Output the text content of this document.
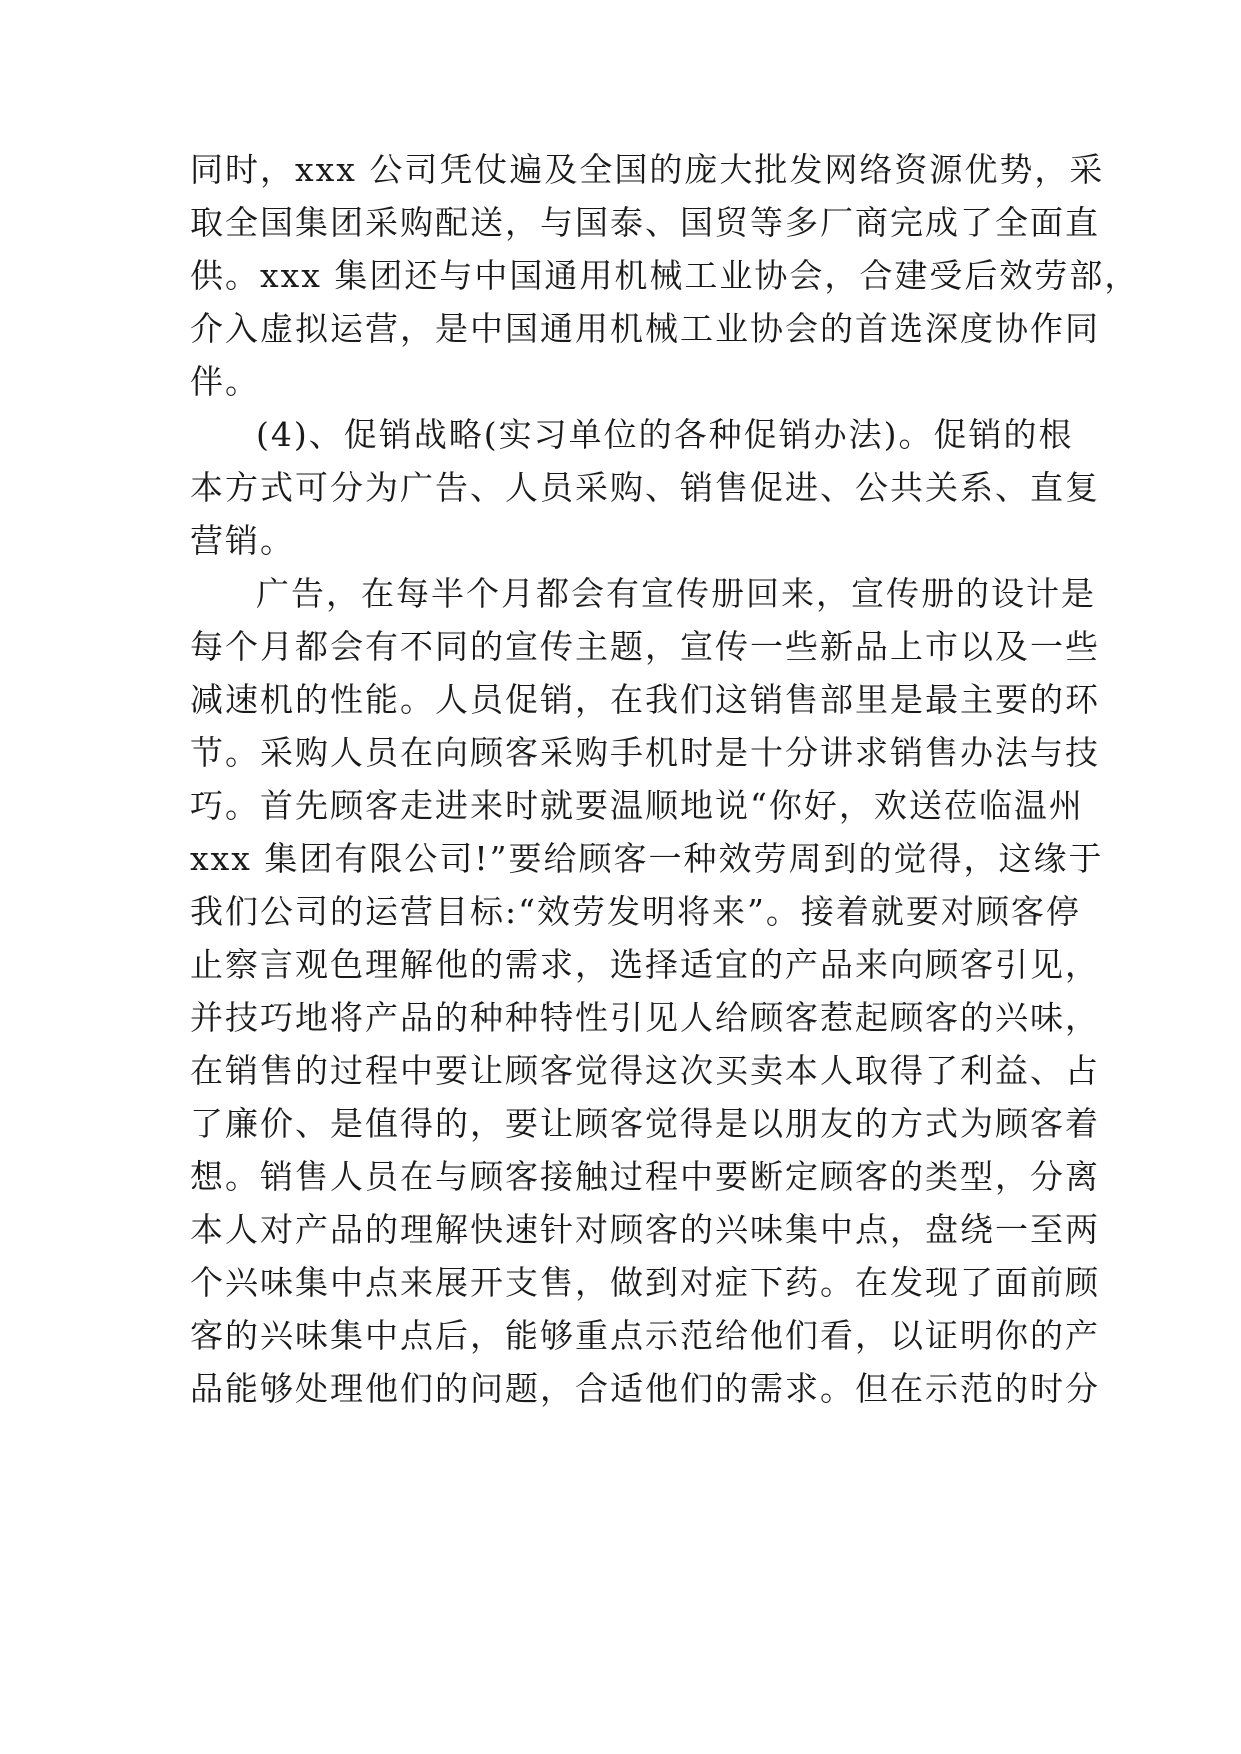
同时，xxx 公司凭仗遍及全国的庞大批发网络资源优势，采
取全国集团采购配送，与国泰、国贸等多厂商完成了全面直
供。xxx 集团还与中国通用机械工业协会，合建受后效劳部，
介入虚拟运营，是中国通用机械工业协会的首选深度协作同
伴。
(4)、促销战略(实习单位的各种促销办法)。促销的根
本方式可分为广告、人员采购、销售促进、公共关系、直复
营销。
广告，在每半个月都会有宣传册回来，宣传册的设计是
每个月都会有不同的宣传主题，宣传一些新品上市以及一些
减速机的性能。人员促销，在我们这销售部里是最主要的环
节。采购人员在向顾客采购手机时是十分讲求销售办法与技
巧。首先顾客走进来时就要温顺地说“你好，欢送莅临温州
xxx 集团有限公司!”要给顾客一种效劳周到的觉得，这缘于
我们公司的运营目标:“效劳发明将来”。接着就要对顾客停
止察言观色理解他的需求，选择适宜的产品来向顾客引见，
并技巧地将产品的种种特性引见人给顾客惹起顾客的兴味，
在销售的过程中要让顾客觉得这次买卖本人取得了利益、占
了廉价、是值得的，要让顾客觉得是以朋友的方式为顾客着
想。销售人员在与顾客接触过程中要断定顾客的类型，分离
本人对产品的理解快速针对顾客的兴味集中点，盘绕一至两
个兴味集中点来展开支售，做到对症下药。在发现了面前顾
客的兴味集中点后，能够重点示范给他们看，以证明你的产
品能够处理他们的问题，合适他们的需求。但在示范的时分
